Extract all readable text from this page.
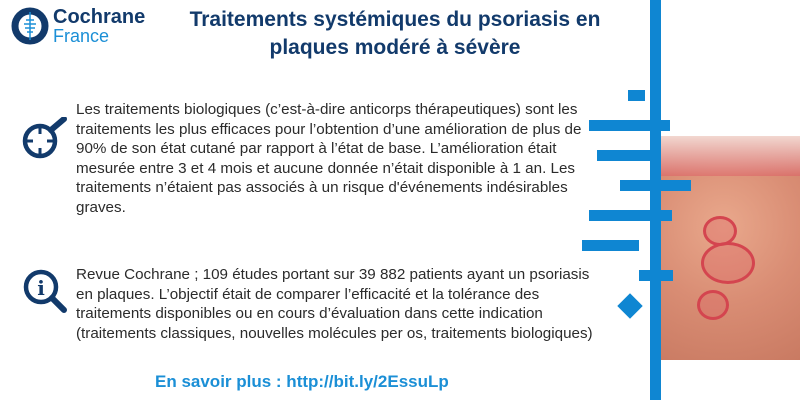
Cochrane
France
Traitements systémiques du psoriasis en plaques modéré à sévère
i
Les traitements biologiques (c’est-à-dire anticorps thérapeutiques) sont les traitements les plus efficaces pour l’obtention d’une amélioration de plus de 90% de son état cutané par rapport à l’état de base. L’amélioration était mesurée entre 3 et 4 mois et aucune donnée n’était disponible à 1 an. Les traitements n’étaient pas associés à un risque d'événements indésirables graves.
Revue Cochrane ; 109 études portant sur 39 882 patients ayant un psoriasis en plaques. L’objectif était de comparer l’efficacité et la tolérance des traitements disponibles ou en cours d’évaluation dans cette indication (traitements classiques, nouvelles molécules per os, traitements biologiques)
En savoir plus : http://bit.ly/2EssuLp
